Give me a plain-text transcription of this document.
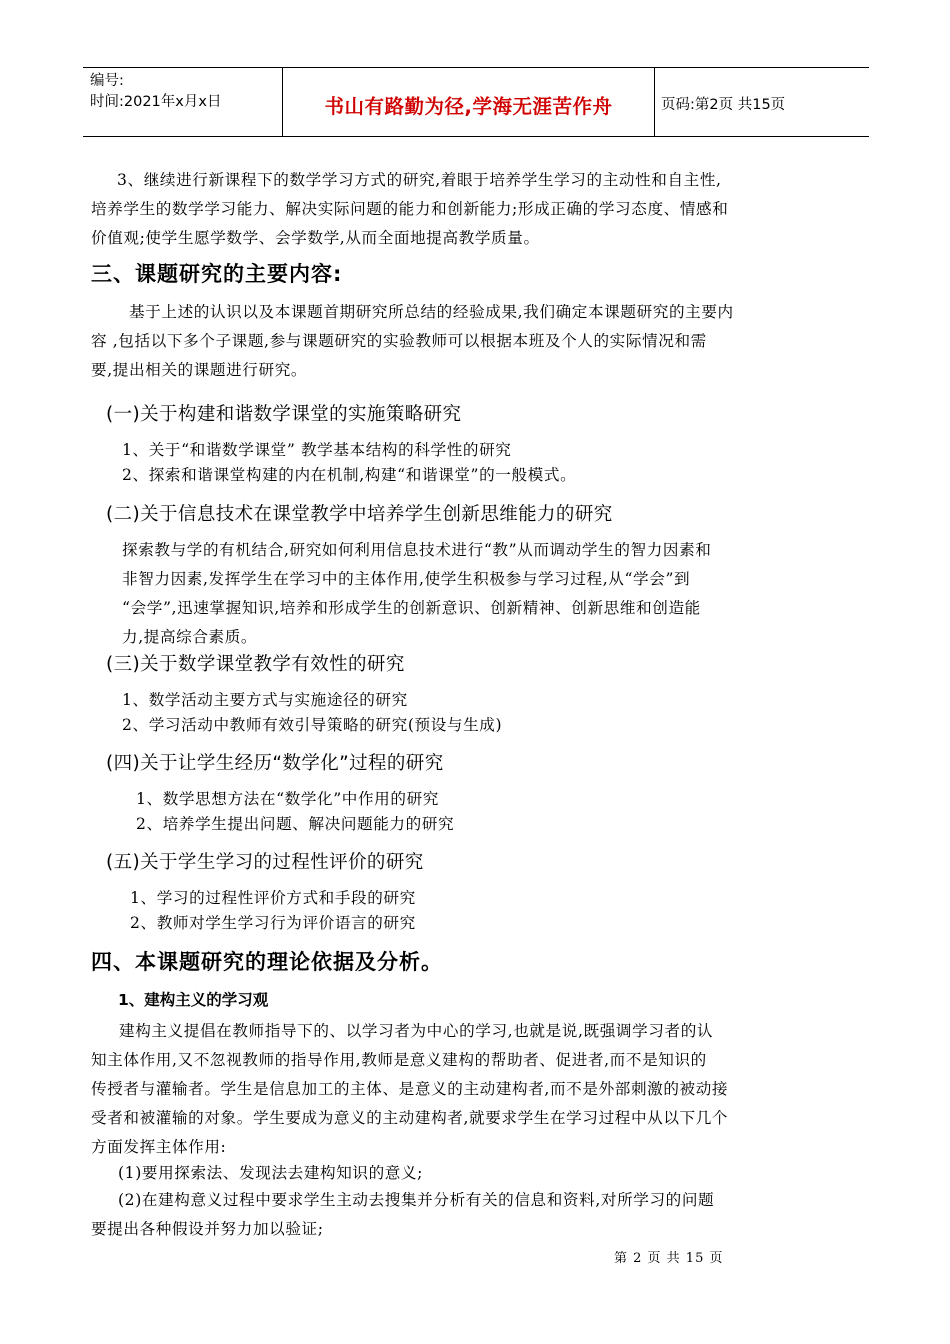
编号:
时间:2021年x月x日	书山有路勤为径,学海无涯苦作舟	页码:第2页 共15页
3、继续进行新课程下的数学学习方式的研究,着眼于培养学生学习的主动性和自主性,
培养学生的数学学习能力、解决实际问题的能力和创新能力;形成正确的学习态度、情感和
价值观;使学生愿学数学、会学数学,从而全面地提高教学质量。
三、课题研究的主要内容:
基于上述的认识以及本课题首期研究所总结的经验成果,我们确定本课题研究的主要内
容 ,包括以下多个子课题,参与课题研究的实验教师可以根据本班及个人的实际情况和需
要,提出相关的课题进行研究。
(一)关于构建和谐数学课堂的实施策略研究
1、关于“和谐数学课堂” 教学基本结构的科学性的研究
2、探索和谐课堂构建的内在机制,构建“和谐课堂”的一般模式。
(二)关于信息技术在课堂教学中培养学生创新思维能力的研究
探索教与学的有机结合,研究如何利用信息技术进行“教”从而调动学生的智力因素和
非智力因素,发挥学生在学习中的主体作用,使学生积极参与学习过程,从“学会”到
“会学”,迅速掌握知识,培养和形成学生的创新意识、创新精神、创新思维和创造能
力,提高综合素质。
(三)关于数学课堂教学有效性的研究
1、数学活动主要方式与实施途径的研究
2、学习活动中教师有效引导策略的研究(预设与生成)
(四)关于让学生经历“数学化”过程的研究
1、数学思想方法在“数学化”中作用的研究
2、培养学生提出问题、解决问题能力的研究
(五)关于学生学习的过程性评价的研究
1、学习的过程性评价方式和手段的研究
2、教师对学生学习行为评价语言的研究
四、本课题研究的理论依据及分析。
1、建构主义的学习观
建构主义提倡在教师指导下的、以学习者为中心的学习,也就是说,既强调学习者的认
知主体作用,又不忽视教师的指导作用,教师是意义建构的帮助者、促进者,而不是知识的
传授者与灌输者。学生是信息加工的主体、是意义的主动建构者,而不是外部刺激的被动接
受者和被灌输的对象。学生要成为意义的主动建构者,就要求学生在学习过程中从以下几个
方面发挥主体作用:
(1)要用探索法、发现法去建构知识的意义;
(2)在建构意义过程中要求学生主动去搜集并分析有关的信息和资料,对所学习的问题
要提出各种假设并努力加以验证;
第 2 页 共 15 页
